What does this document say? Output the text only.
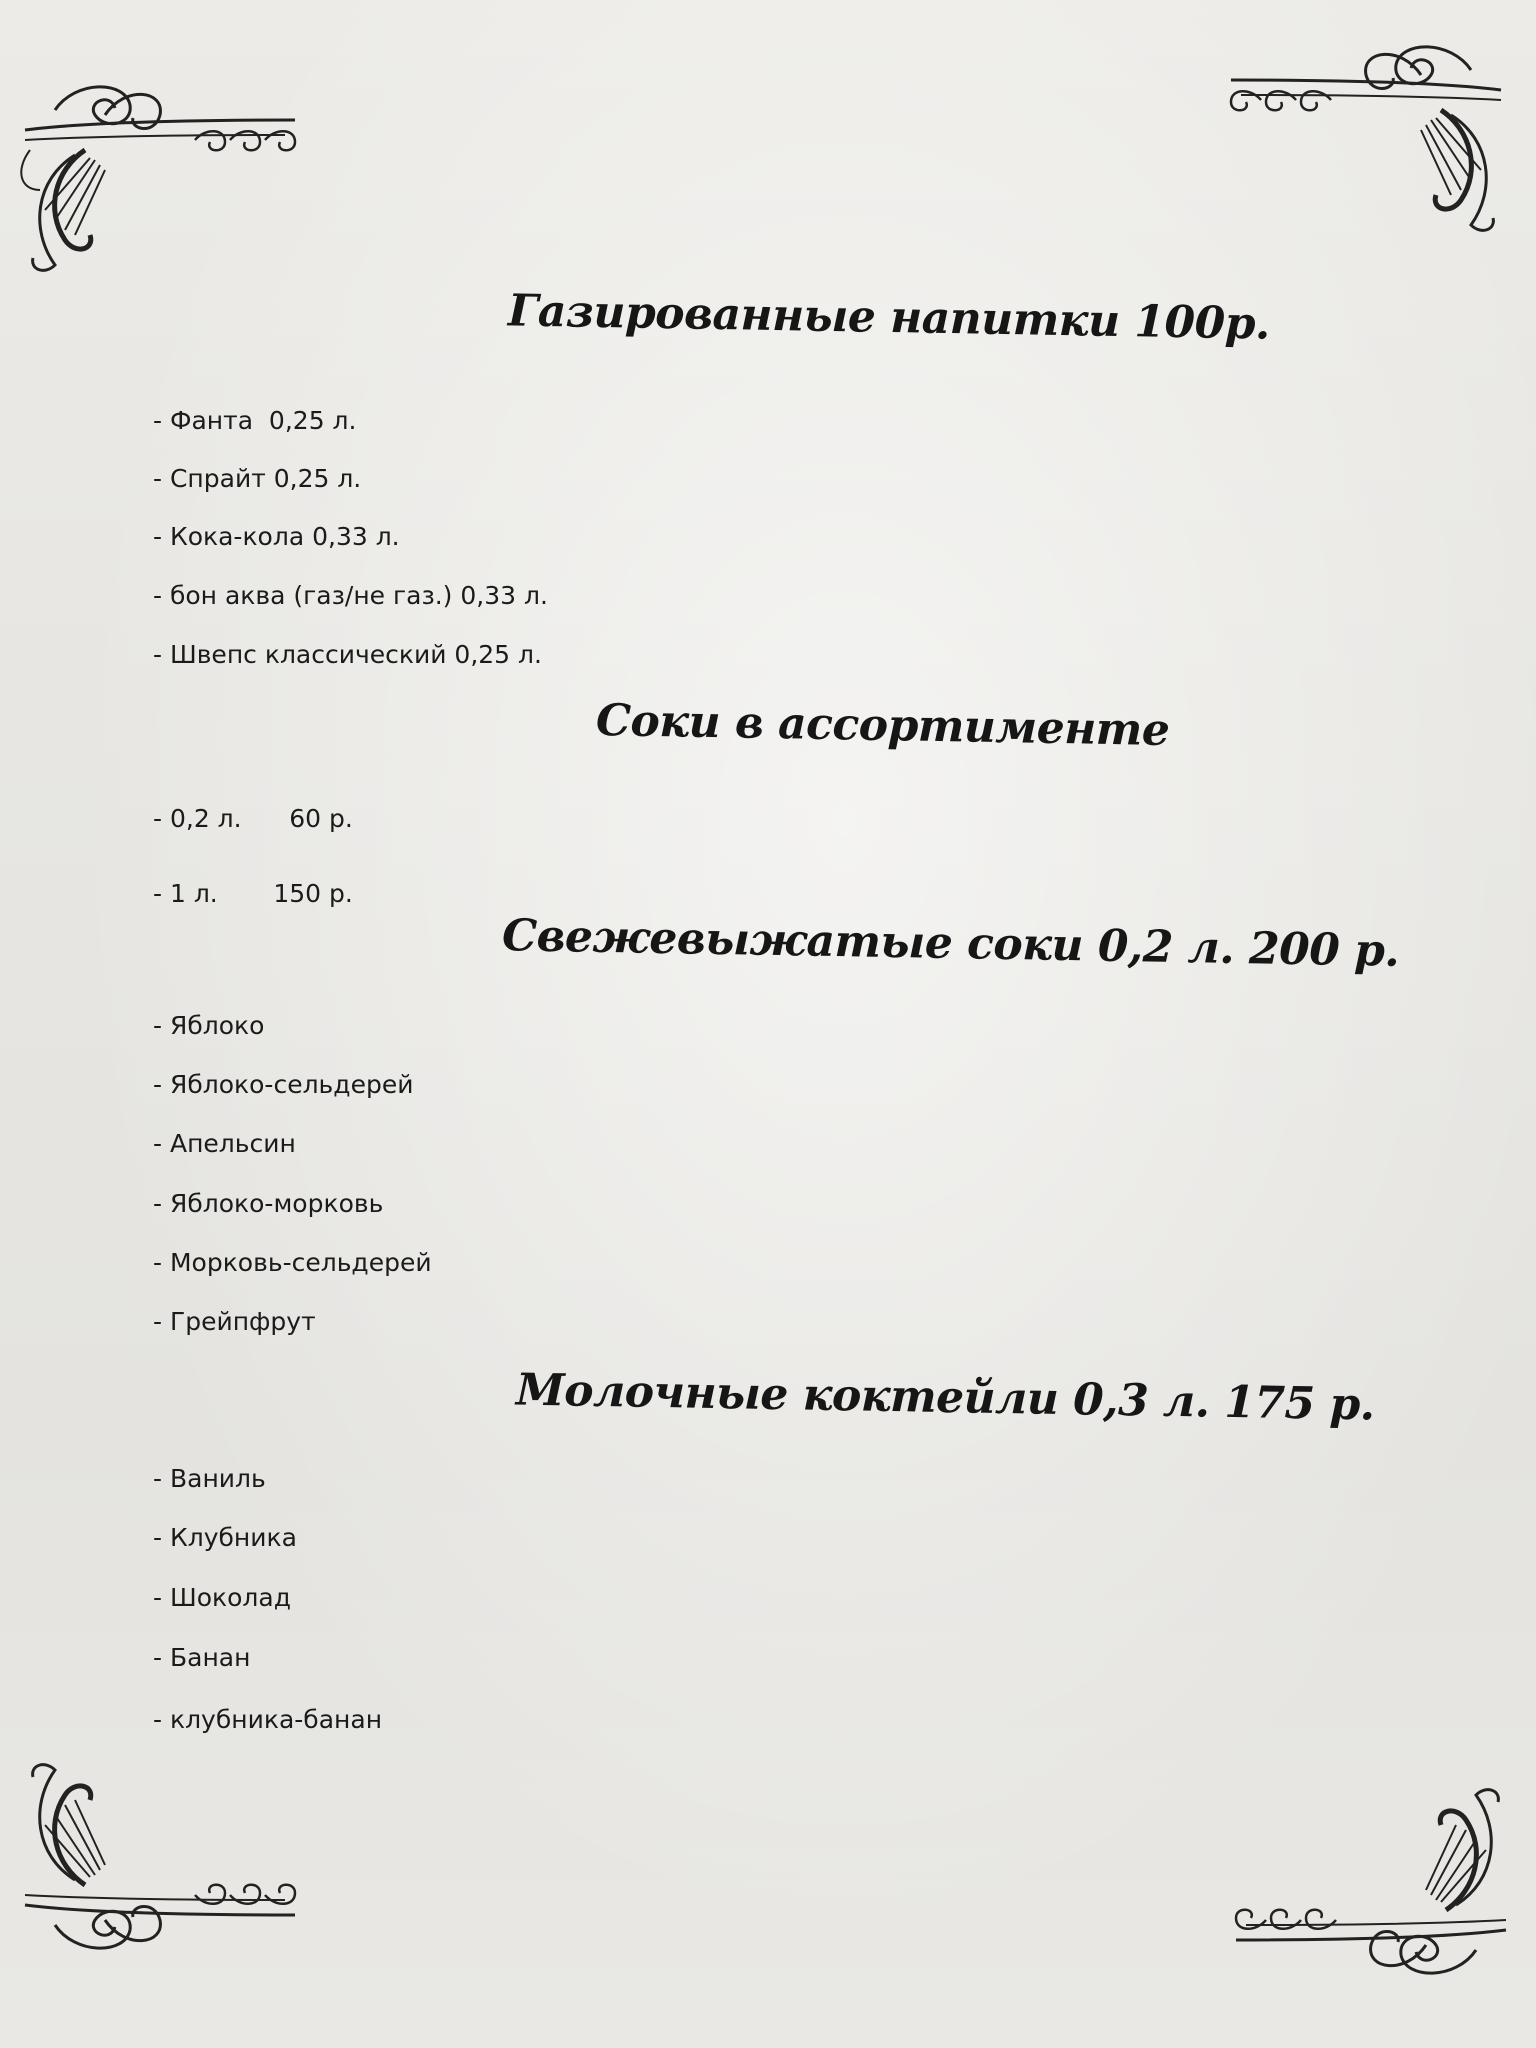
Газированные напитки 100р.
- Фанта  0,25 л.
- Спрайт 0,25 л.
- Кока-кола 0,33 л.
- бон аква (газ/не газ.) 0,33 л.
- Швепс классический 0,25 л.
Соки в ассортименте
- 0,2 л.      60 р.
- 1 л.       150 р.
Свежевыжатые соки 0,2 л. 200 р.
- Яблоко
- Яблоко-сельдерей
- Апельсин
- Яблоко-морковь
- Морковь-сельдерей
- Грейпфрут
Молочные коктейли 0,3 л. 175 р.
- Ваниль
- Клубника
- Шоколад
- Банан
- клубника-банан
